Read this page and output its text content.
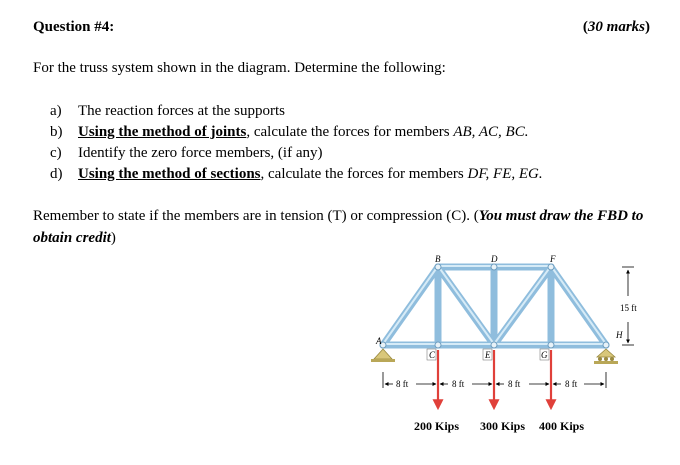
Question #4:	(30 marks)
For the truss system shown in the diagram. Determine the following:
a) The reaction forces at the supports
b) Using the method of joints, calculate the forces for members AB, AC, BC.
c) Identify the zero force members, (if any)
d) Using the method of sections, calculate the forces for members DF, FE, EG.
Remember to state if the members are in tension (T) or compression (C). (You must draw the FBD to obtain credit)
A
B	D	F
H
C	E	G
15 ft
8 ft	8 ft	8 ft	8 ft
200 Kips 300 Kips 400 Kips
